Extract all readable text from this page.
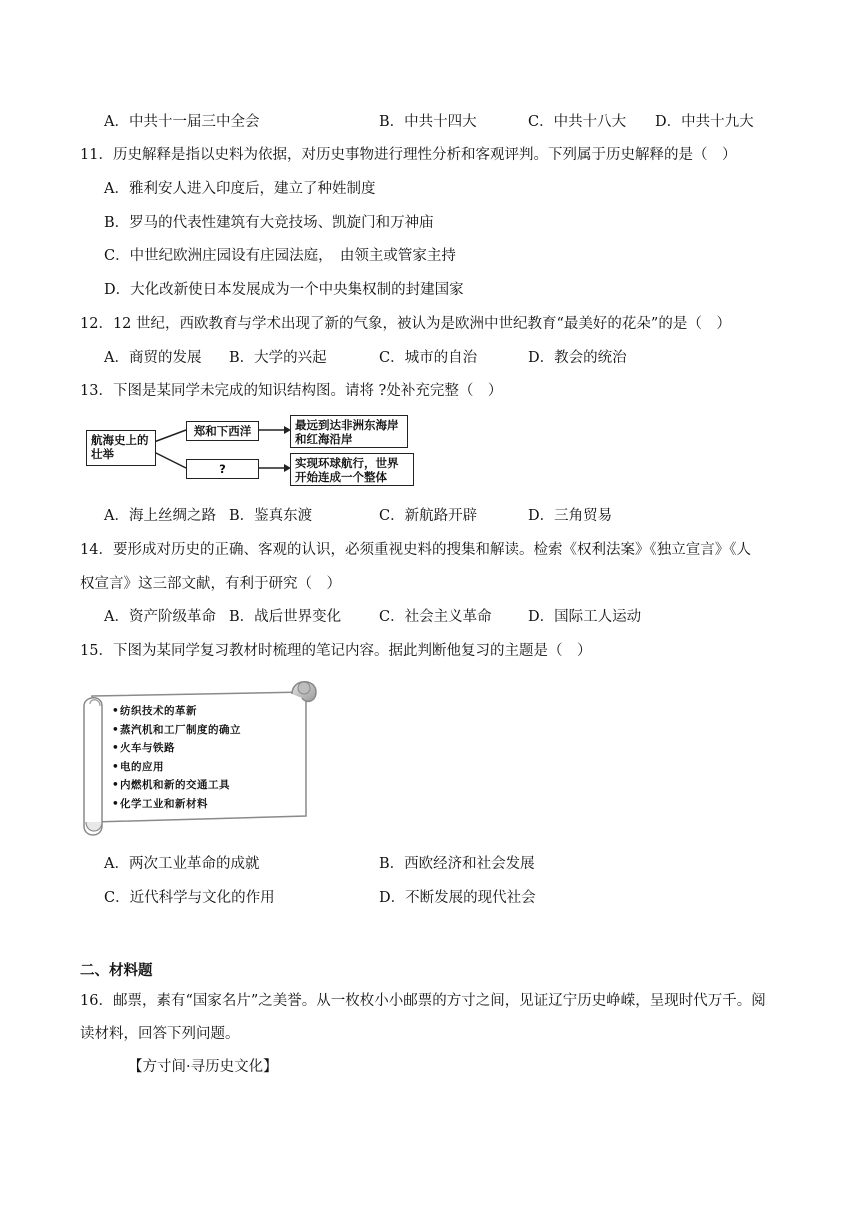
A．中共十一届三中全会	B．中共十四大	C．中共十八大 D．中共十九大
11．历史解释是指以史料为依据，对历史事物进行理性分析和客观评判。下列属于历史解释的是（　）
A．雅利安人进入印度后，建立了种姓制度
B．罗马的代表性建筑有大竞技场、凯旋门和万神庙
C．中世纪欧洲庄园设有庄园法庭，　由领主或管家主持
D．大化改新使日本发展成为一个中央集权制的封建国家
12．12 世纪，西欧教育与学术出现了新的气象，被认为是欧洲中世纪教育“最美好的花朵”的是（　）
A．商贸的发展 B．大学的兴起	C．城市的自治	D．教会的统治
13．下图是某同学未完成的知识结构图。请将 ?处补充完整（　）
航海史上的壮举
郑和下西洋
?
最远到达非洲东海岸和红海沿岸
实现环球航行，世界开始连成一个整体
A．海上丝绸之路 B．鉴真东渡	C．新航路开辟	D．三角贸易
14．要形成对历史的正确、客观的认识，必须重视史料的搜集和解读。检索《权利法案》《独立宣言》《人
权宣言》这三部文献，有利于研究（　）
A．资产阶级革命 B．战后世界变化	C．社会主义革命	D．国际工人运动
15．下图为某同学复习教材时梳理的笔记内容。据此判断他复习的主题是（　）
•纺织技术的革新
•蒸汽机和工厂制度的确立
•火车与铁路
•电的应用
•内燃机和新的交通工具
•化学工业和新材料
A．两次工业革命的成就	B．西欧经济和社会发展
C．近代科学与文化的作用	D．不断发展的现代社会
二、材料题
16．邮票，素有“国家名片”之美誉。从一枚枚小小邮票的方寸之间，见证辽宁历史峥嵘，呈现时代万千。阅
读材料，回答下列问题。
【方寸间·寻历史文化】
